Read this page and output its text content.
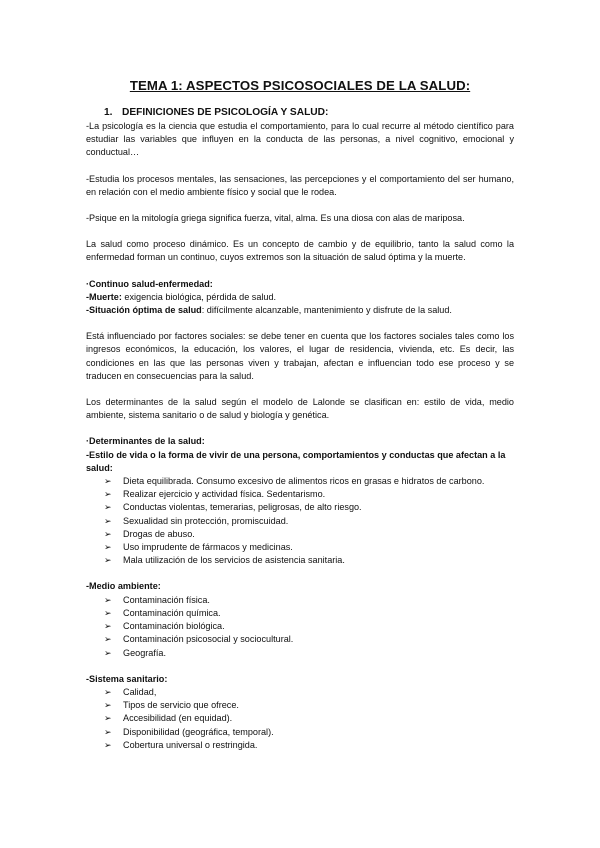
TEMA 1: ASPECTOS PSICOSOCIALES DE LA SALUD:
1. DEFINICIONES DE PSICOLOGÍA Y SALUD:

-La psicología es la ciencia que estudia el comportamiento, para lo cual recurre al método científico para estudiar las variables que influyen en la conducta de las personas, a nivel cognitivo, emocional y conductual…

-Estudia los procesos mentales, las sensaciones, las percepciones y el comportamiento del ser humano, en relación con el medio ambiente físico y social que le rodea.

-Psique en la mitología griega significa fuerza, vital, alma. Es una diosa con alas de mariposa.

La salud como proceso dinámico. Es un concepto de cambio y de equilibrio, tanto la salud como la enfermedad forman un continuo, cuyos extremos son la situación de salud óptima y la muerte.

·Continuo salud-enfermedad:

-Muerte: exigencia biológica, pérdida de salud.

-Situación óptima de salud: difícilmente alcanzable, mantenimiento y disfrute de la salud.

Está influenciado por factores sociales: se debe tener en cuenta que los factores sociales tales como los ingresos económicos, la educación, los valores, el lugar de residencia, vivienda, etc. Es decir, las condiciones en las que las personas viven y trabajan, afectan e influencian todo ese proceso y se traducen en consecuencias para la salud.

Los determinantes de la salud según el modelo de Lalonde se clasifican en: estilo de vida, medio ambiente, sistema sanitario o de salud y biología y genética.

·Determinantes de la salud:

-Estilo de vida o la forma de vivir de una persona, comportamientos y conductas que afectan a la salud:

➢ Dieta equilibrada. Consumo excesivo de alimentos ricos en grasas e hidratos de carbono.
➢ Realizar ejercicio y actividad física. Sedentarismo.
➢ Conductas violentas, temerarias, peligrosas, de alto riesgo.
➢ Sexualidad sin protección, promiscuidad.
➢ Drogas de abuso.
➢ Uso imprudente de fármacos y medicinas.
➢ Mala utilización de los servicios de asistencia sanitaria.

-Medio ambiente:

➢ Contaminación física.
➢ Contaminación química.
➢ Contaminación biológica.
➢ Contaminación psicosocial y sociocultural.
➢ Geografía.

-Sistema sanitario:

➢ Calidad,
➢ Tipos de servicio que ofrece.
➢ Accesibilidad (en equidad).
➢ Disponibilidad (geográfica, temporal).
➢ Cobertura universal o restringida.
